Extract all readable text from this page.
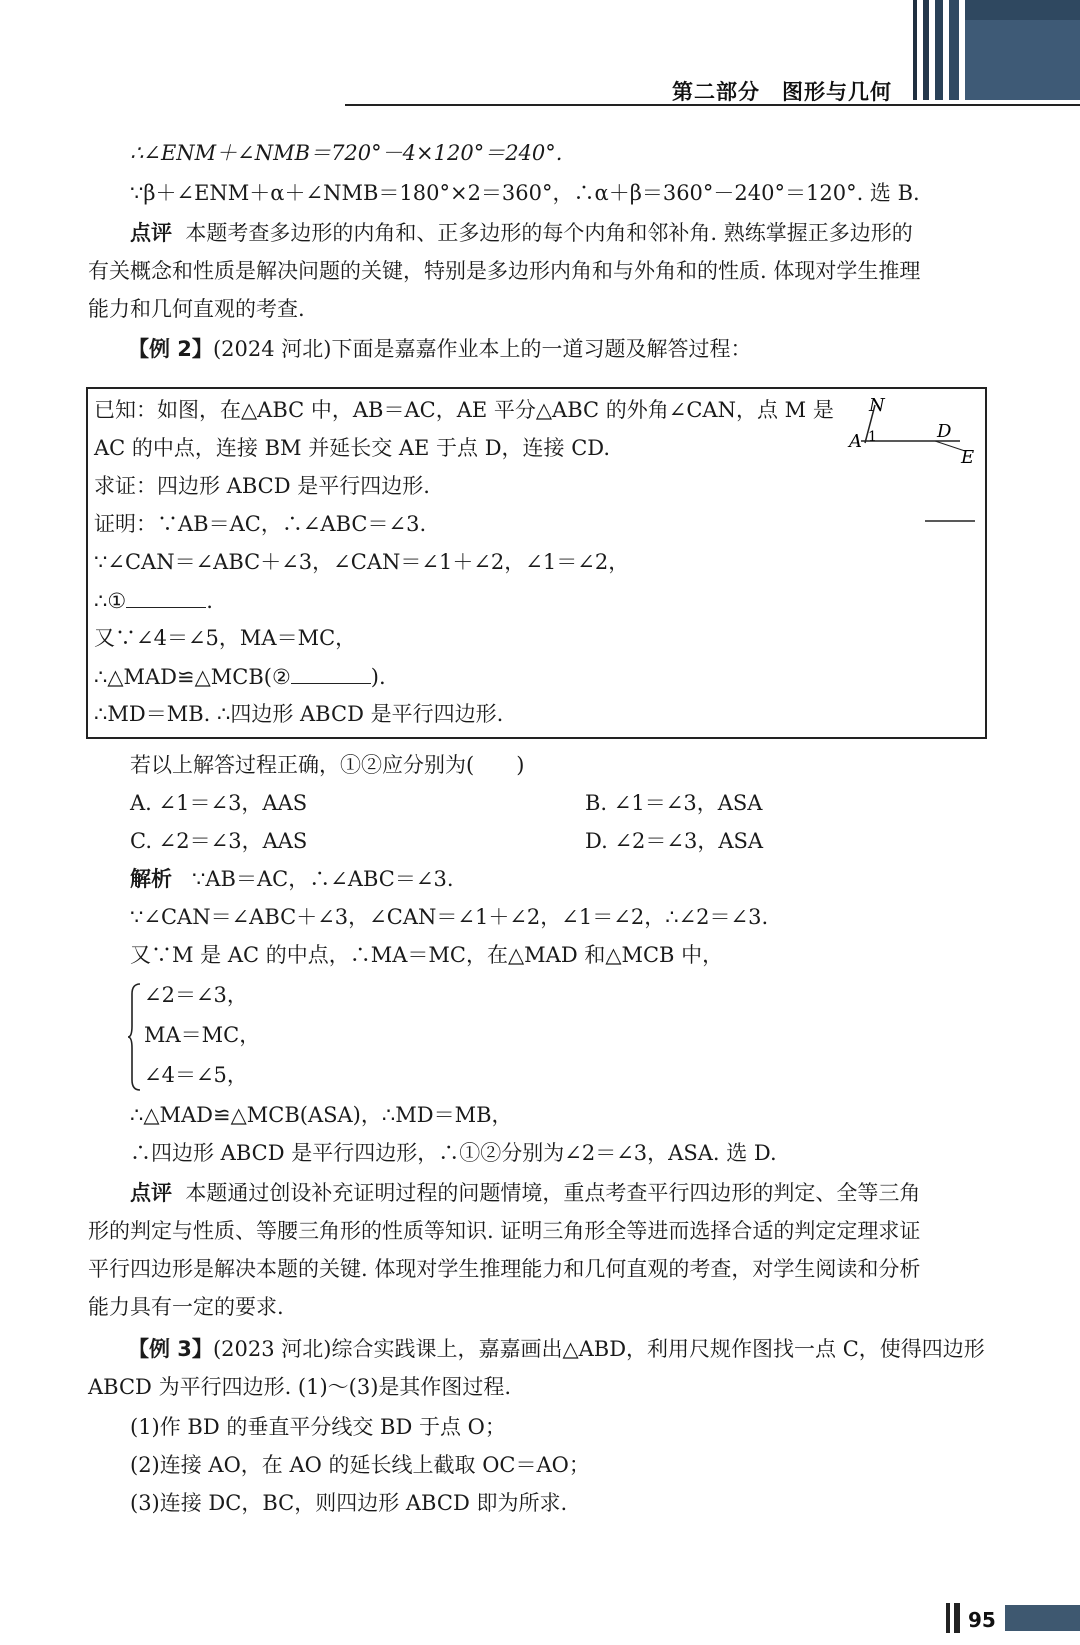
第二部分　图形与几何
∴∠ENM＋∠NMB＝720°－4×120°＝240°.
∵β＋∠ENM＋α＋∠NMB＝180°×2＝360°，∴α＋β＝360°－240°＝120°. 选 B.
点评 本题考查多边形的内角和、正多边形的每个内角和邻补角. 熟练掌握正多边形的
有关概念和性质是解决问题的关键，特别是多边形内角和与外角和的性质. 体现对学生推理
能力和几何直观的考查.
【例 2】(2024 河北)下面是嘉嘉作业本上的一道习题及解答过程：
已知：如图，在△ABC 中，AB＝AC，AE 平分△ABC 的外角∠CAN，点 M 是
AC 的中点，连接 BM 并延长交 AE 于点 D，连接 CD.
求证：四边形 ABCD 是平行四边形.
证明：∵AB＝AC，∴∠ABC＝∠3.
∵∠CAN＝∠ABC＋∠3，∠CAN＝∠1＋∠2，∠1＝∠2，
∴①	.
又∵∠4＝∠5，MA＝MC，
∴△MAD≌△MCB(②	).
∴MD＝MB. ∴四边形 ABCD 是平行四边形.
N
A 1	D
E
若以上解答过程正确，①②应分别为(　　)
A. ∠1＝∠3，AAS	B. ∠1＝∠3，ASA
C. ∠2＝∠3，AAS	D. ∠2＝∠3，ASA
解析 ∵AB＝AC，∴∠ABC＝∠3.
∵∠CAN＝∠ABC＋∠3，∠CAN＝∠1＋∠2，∠1＝∠2，∴∠2＝∠3.
又∵M 是 AC 的中点，∴MA＝MC，在△MAD 和△MCB 中，
∠2＝∠3，
MA＝MC，
∠4＝∠5，
∴△MAD≌△MCB(ASA)，∴MD＝MB，
∴四边形 ABCD 是平行四边形，∴①②分别为∠2＝∠3，ASA. 选 D.
点评 本题通过创设补充证明过程的问题情境，重点考查平行四边形的判定、全等三角
形的判定与性质、等腰三角形的性质等知识. 证明三角形全等进而选择合适的判定定理求证
平行四边形是解决本题的关键. 体现对学生推理能力和几何直观的考查，对学生阅读和分析
能力具有一定的要求.
【例 3】(2023 河北)综合实践课上，嘉嘉画出△ABD，利用尺规作图找一点 C，使得四边形
ABCD 为平行四边形. (1)～(3)是其作图过程.
(1)作 BD 的垂直平分线交 BD 于点 O；
(2)连接 AO，在 AO 的延长线上截取 OC＝AO；
(3)连接 DC，BC，则四边形 ABCD 即为所求.
95
